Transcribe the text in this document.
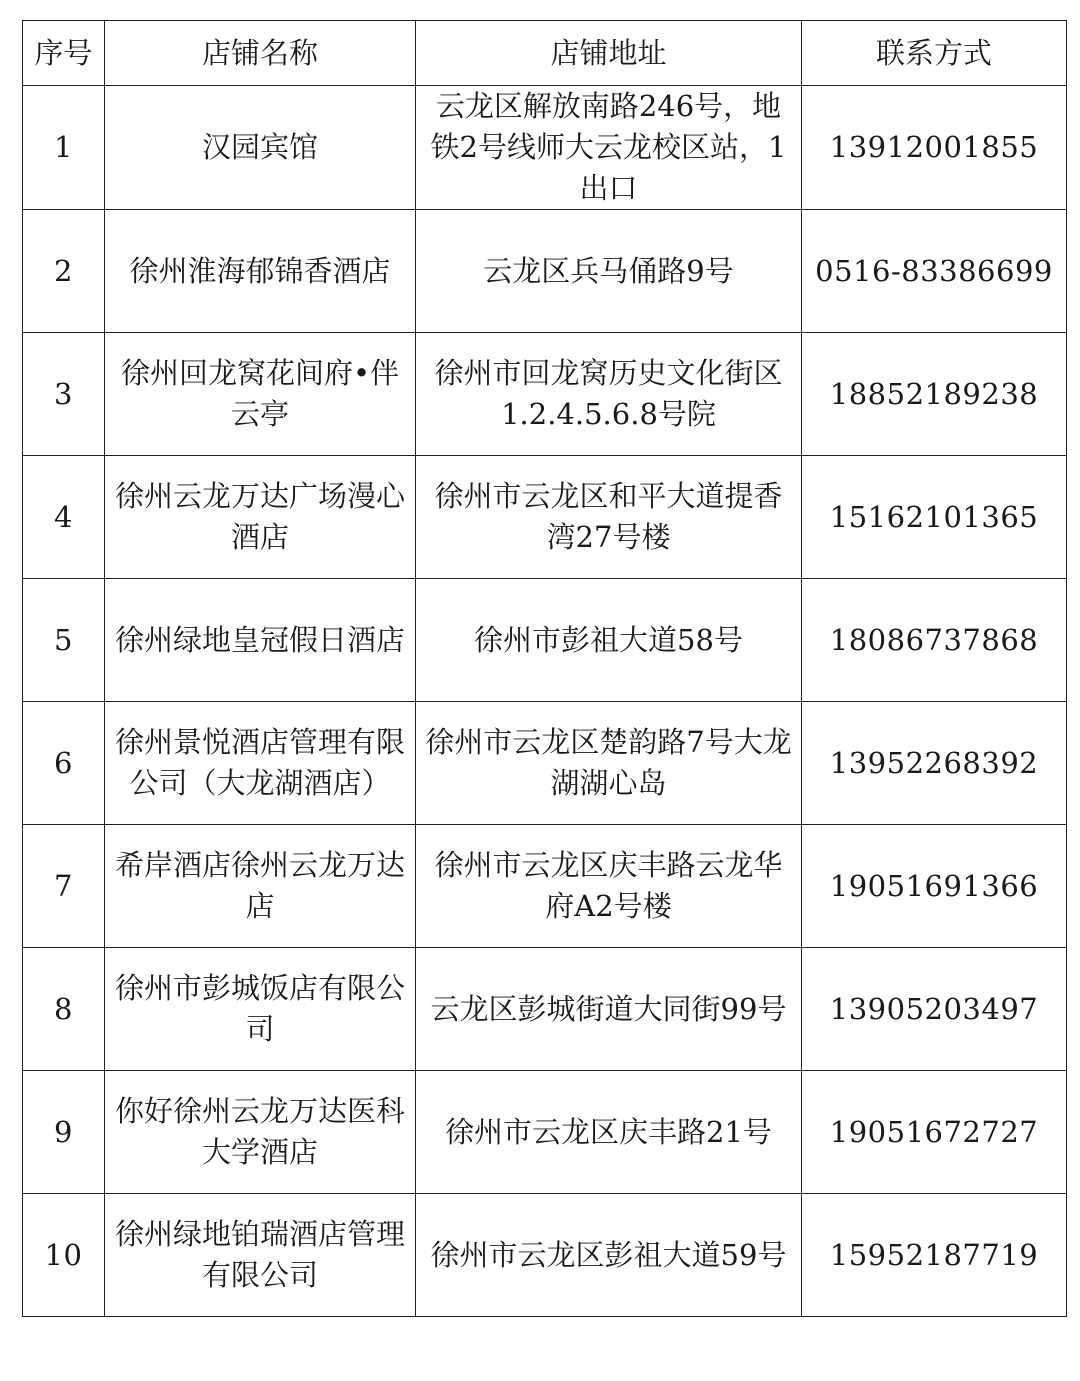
序号	店铺名称	店铺地址	联系方式
1	汉园宾馆	云龙区解放南路246号，地铁2号线师大云龙校区站，1出口	13912001855
2	徐州淮海郁锦香酒店	云龙区兵马俑路9号	0516-83386699
3	徐州回龙窝花间府•伴云亭	徐州市回龙窝历史文化街区1.2.4.5.6.8号院	18852189238
4	徐州云龙万达广场漫心酒店	徐州市云龙区和平大道提香湾27号楼	15162101365
5	徐州绿地皇冠假日酒店	徐州市彭祖大道58号	18086737868
6	徐州景悦酒店管理有限公司（大龙湖酒店）	徐州市云龙区楚韵路7号大龙湖湖心岛	13952268392
7	希岸酒店徐州云龙万达店	徐州市云龙区庆丰路云龙华府A2号楼	19051691366
8	徐州市彭城饭店有限公司	云龙区彭城街道大同街99号	13905203497
9	你好徐州云龙万达医科大学酒店	徐州市云龙区庆丰路21号	19051672727
10	徐州绿地铂瑞酒店管理有限公司	徐州市云龙区彭祖大道59号	15952187719
